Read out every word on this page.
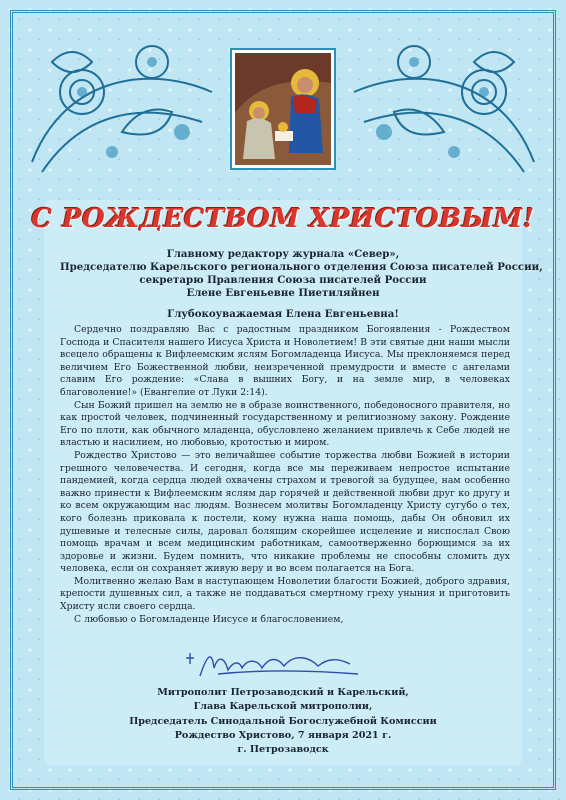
С РОЖДЕСТВОМ ХРИСТОВЫМ!
Главному редактору журнала «Север»,
Председателю Карельского регионального отделения Союза писателей России,
секретарю Правления Союза писателей России
Елене Евгеньевне Пиетиляйнен
Глубокоуважаемая Елена Евгеньевна!

Сердечно поздравляю Вас с радостным праздником Богоявления - Рождеством Господа и Спасителя нашего Иисуса Христа и Новолетием! В эти святые дни наши мысли всецело обращены к Вифлеемским яслям Богомладенца Иисуса. Мы преклоняемся перед величием Его Божественной любви, неизреченной премудрости и вместе с ангелами славим Его рождение: «Слава в вышних Богу, и на земле мир, в человеках благоволение!» (Евангелие от Луки 2:14).

Сын Божий пришел на землю не в образе воинственного, победоносного правителя, но как простой человек, подчиненный государственному и религиозному закону. Рождение Его по плоти, как обычного младенца, обусловлено желанием привлечь к Себе людей не властью и насилием, но любовью, кротостью и миром.

Рождество Христово — это величайшее событие торжества любви Божией в истории грешного человечества. И сегодня, когда все мы переживаем непростое испытание пандемией, когда сердца людей охвачены страхом и тревогой за будущее, нам особенно важно принести к Вифлеемским яслям дар горячей и действенной любви друг ко другу и ко всем окружающим нас людям. Вознесем молитвы Богомладенцу Христу сугубо о тех, кого болезнь приковала к постели, кому нужна наша помощь, дабы Он обновил их душевные и телесные силы, даровал болящим скорейшее исцеление и ниспослал Свою помощь врачам и всем медицинским работникам, самоотверженно борющимся за их здоровье и жизни. Будем помнить, что никакие проблемы не способны сломить дух человека, если он сохраняет живую веру и во всем полагается на Бога.

Молитвенно желаю Вам в наступающем Новолетии благости Божией, доброго здравия, крепости душевных сил, а также не поддаваться смертному греху уныния и приготовить Христу ясли своего сердца.

С любовью о Богомладенце Иисусе и благословением,

Митрополит Петрозаводский и Карельский,
Глава Карельской митрополии,
Председатель Синодальной Богослужебной Комиссии
Рождество Христово, 7 января 2021 г.
г. Петрозаводск
